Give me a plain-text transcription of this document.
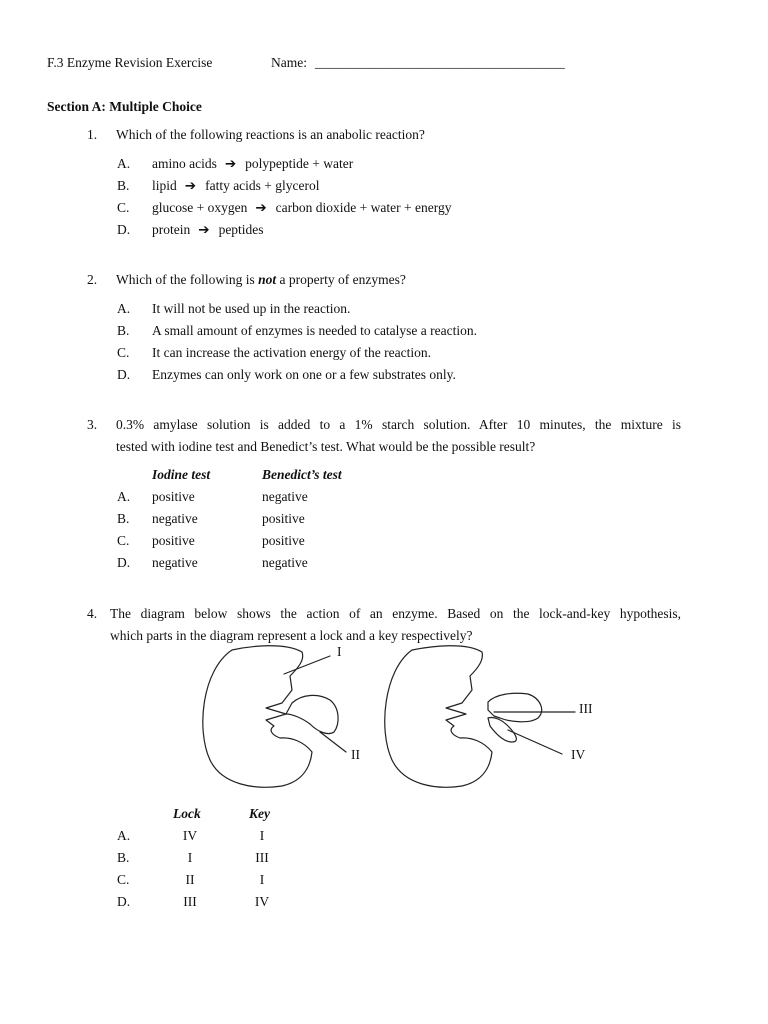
F.3 Enzyme Revision Exercise	Name: _____________________________________
Section A: Multiple Choice
1. Which of the following reactions is an anabolic reaction?
A. amino acids ➔ polypeptide + water
B. lipid ➔ fatty acids + glycerol
C. glucose + oxygen ➔ carbon dioxide + water + energy
D. protein ➔ peptides
2. Which of the following is not a property of enzymes?
A. It will not be used up in the reaction.
B. A small amount of enzymes is needed to catalyse a reaction.
C. It can increase the activation energy of the reaction.
D. Enzymes can only work on one or a few substrates only.
3. 0.3% amylase solution is added to a 1% starch solution. After 10 minutes, the mixture is
tested with iodine test and Benedict’s test. What would be the possible result?
Iodine test	Benedict’s test
A. positive	negative
B. negative	positive
C. positive	positive
D. negative	negative
4. The diagram below shows the action of an enzyme. Based on the lock-and-key hypothesis,
which parts in the diagram represent a lock and a key respectively?
I
II
III
IV
Lock	Key
A.	IV	I
B.	I	III
C.	II	I
D.	III	IV
